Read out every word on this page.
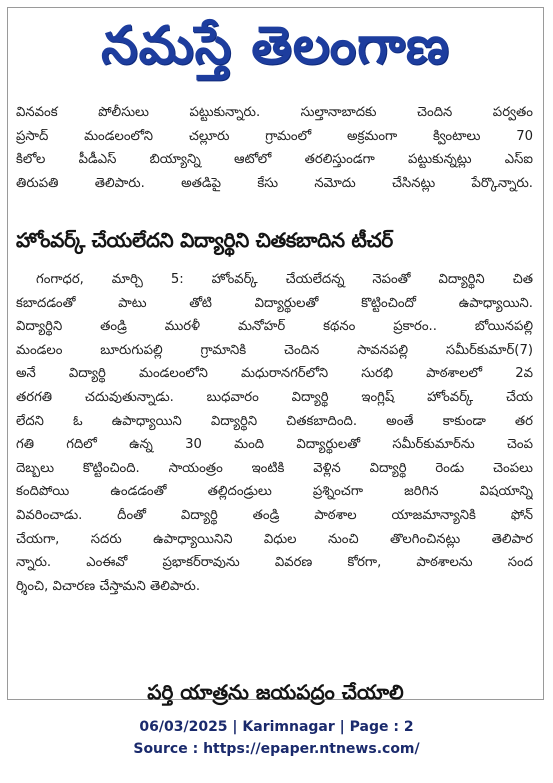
నమస్తే తెలంగాణ
వినవంక పోలీసులు పట్టుకున్నారు. సుల్తానాబాదకు చెందిన పర్వతం
ప్రసాద్ మండలంలోని చల్లూరు గ్రామంలో అక్రమంగా క్వింటాలు 70
కిలోల పీడీఎస్ బియ్యాన్ని ఆటోలో తరలిస్తుండగా పట్టుకున్నట్లు ఎస్ఐ
తిరుపతి తెలిపారు. అతడిపై కేసు నమోదు చేసినట్లు పేర్కొన్నారు.
హోంవర్క్ చేయలేదని విద్యార్థిని చితకబాదిన టీచర్
గంగాధర, మార్చి 5: హోంవర్క్ చేయలేదన్న నెపంతో విద్యార్థిని చిత
కబాదడంతో పాటు తోటి విద్యార్థులతో కొట్టించిందో ఉపాధ్యాయిని.
విద్యార్థిని తండ్రి మురళీ మనోహర్ కథనం ప్రకారం.. బోయినపల్లి
మండలం బూరుగుపల్లి గ్రామానికి చెందిన సావనపల్లి సమీర్‌కుమార్(7)
అనే విద్యార్థి మండలంలోని మధురానగర్‌లోని సురభి పాఠశాలలో 2వ
తరగతి చదువుతున్నాడు. బుధవారం విద్యార్థి ఇంగ్లిష్ హోంవర్క్ చేయ
లేదని ఓ ఉపాధ్యాయిని విద్యార్థిని చితకబాదింది. అంతే కాకుండా తర
గతి గదిలో ఉన్న 30 మంది విద్యార్థులతో సమీర్‌కుమార్‌ను చెంప
దెబ్బలు కొట్టించింది. సాయంత్రం ఇంటికి వెళ్లిన విద్యార్థి రెండు చెంపలు
కందిపోయి ఉండడంతో తల్లిదండ్రులు ప్రశ్నించగా జరిగిన విషయాన్ని
వివరించాడు. దీంతో విద్యార్థి తండ్రి పాఠశాల యాజమాన్యానికి ఫోన్
చేయగా, సదరు ఉపాధ్యాయినిని విధుల నుంచి తొలగించినట్లు తెలిపార
న్నారు. ఎంఈవో ప్రభాకర్‌రావును వివరణ కోరగా, పాఠశాలను సంద
ర్శించి, విచారణ చేస్తామని తెలిపారు.
పర్తి యాత్రను జయపద్రం చేయాలి
06/03/2025 | Karimnagar | Page : 2
Source : https://epaper.ntnews.com/
